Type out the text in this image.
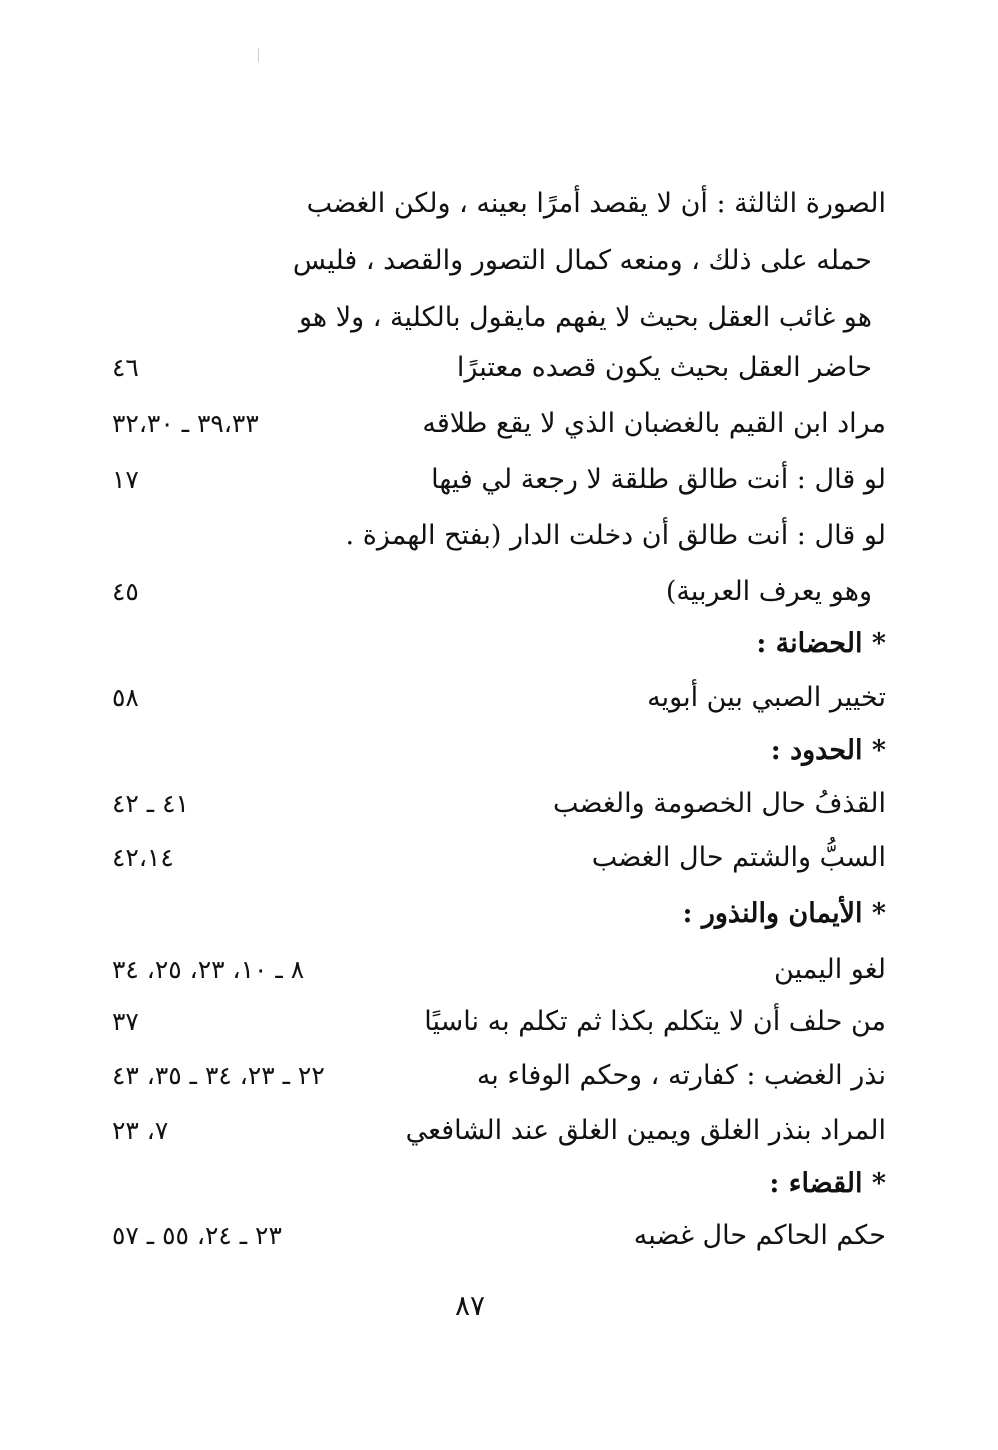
الصورة الثالثة : أن لا يقصد أمرًا بعينه ، ولكن الغضب
حمله على ذلك ، ومنعه كمال التصور والقصد ، فليس
هو غائب العقل بحيث لا يفهم مايقول بالكلية ، ولا هو
حاضر العقل بحيث يكون قصده معتبرًا
٤٦
مراد ابن القيم بالغضبان الذي لا يقع طلاقه
٣٩،٣٣ ـ ٣٢،٣٠
لو قال : أنت طالق طلقة لا رجعة لي فيها
١٧
لو قال : أنت طالق أن دخلت الدار (بفتح الهمزة .
وهو يعرف العربية)
٤٥
* الحضانة :
تخيير الصبي بين أبويه
٥٨
* الحدود :
القذفُ حال الخصومة والغضب
٤١ ـ ٤٢
السبُّ والشتم حال الغضب
٤٢،١٤
* الأيمان والنذور :
لغو اليمين
٨ ـ ١٠، ٢٣، ٢٥، ٣٤
من حلف أن لا يتكلم بكذا ثم تكلم به ناسيًا
٣٧
نذر الغضب : كفارته ، وحكم الوفاء به
٢٢ ـ ٢٣، ٣٤ ـ ٣٥، ٤٣
المراد بنذر الغلق ويمين الغلق عند الشافعي
٧، ٢٣
* القضاء :
حكم الحاكم حال غضبه
٢٣ ـ ٢٤، ٥٥ ـ ٥٧
٨٧
